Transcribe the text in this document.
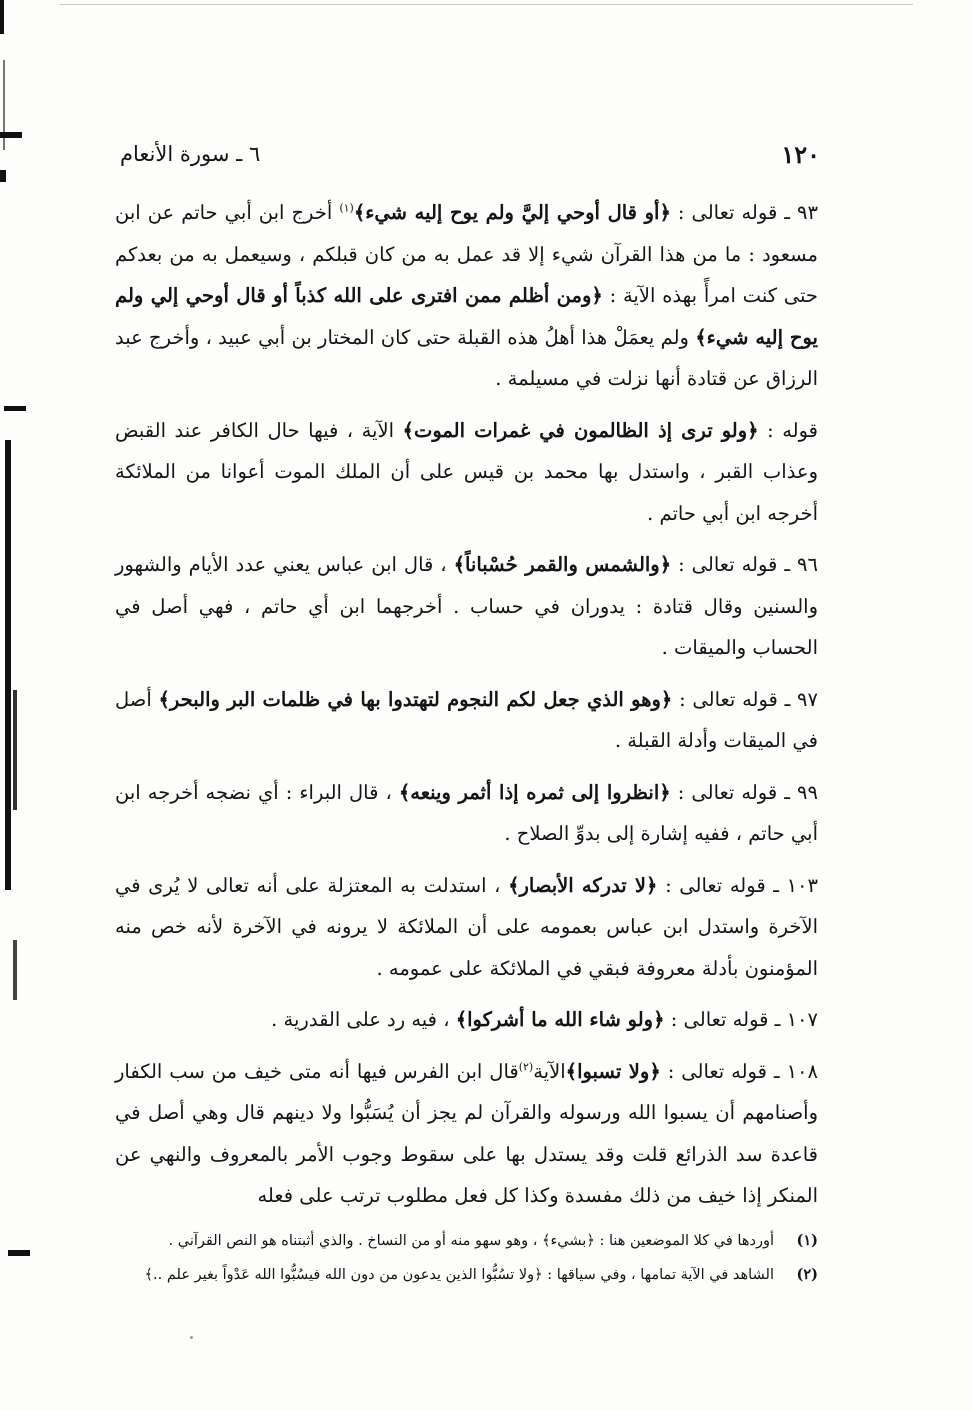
١٢٠
٦ ـ سورة الأنعام

٩٣ ـ قوله تعالى : ﴿أو قال أوحي إليَّ ولم يوح إليه شيء﴾$^{(١)}$ أخرج ابن أبي حاتم عن ابن مسعود : ما من هذا القرآن شيء إلا قد عمل به من كان قبلكم ، وسيعمل به من بعدكم حتى كنت امرأً بهذه الآية : ﴿ومن أظلم ممن افترى على الله كذباً أو قال أوحي إلي ولم يوح إليه شيء﴾ ولم يعمَلْ هذا أهلُ هذه القبلة حتى كان المختار بن أبي عبيد ، وأخرج عبد الرزاق عن قتادة أنها نزلت في مسيلمة .

قوله : ﴿ولو ترى إذ الظالمون في غمرات الموت﴾ الآية ، فيها حال الكافر عند القبض وعذاب القبر ، واستدل بها محمد بن قيس على أن الملك الموت أعوانا من الملائكة أخرجه ابن أبي حاتم .

٩٦ ـ قوله تعالى : ﴿والشمس والقمر حُسْباناً﴾ ، قال ابن عباس يعني عدد الأيام والشهور والسنين وقال قتادة : يدوران في حساب . أخرجهما ابن أي حاتم ، فهي أصل في الحساب والميقات .

٩٧ ـ قوله تعالى : ﴿وهو الذي جعل لكم النجوم لتهتدوا بها في ظلمات البر والبحر﴾ أصل في الميقات وأدلة القبلة .

٩٩ ـ قوله تعالى : ﴿انظروا إلى ثمره إذا أثمر وينعه﴾ ، قال البراء : أي نضجه أخرجه ابن أبي حاتم ، ففيه إشارة إلى بدوِّ الصلاح .

١٠٣ ـ قوله تعالى : ﴿لا تدركه الأبصار﴾ ، استدلت به المعتزلة على أنه تعالى لا يُرى في الآخرة واستدل ابن عباس بعمومه على أن الملائكة لا يرونه في الآخرة لأنه خص منه المؤمنون بأدلة معروفة فبقي في الملائكة على عمومه .

١٠٧ ـ قوله تعالى : ﴿ولو شاء الله ما أشركوا﴾ ، فيه رد على القدرية .

١٠٨ ـ قوله تعالى : ﴿ولا تسبوا﴾الآية$^{(٢)}$قال ابن الفرس فيها أنه متى خيف من سب الكفار وأصنامهم أن يسبوا الله ورسوله والقرآن لم يجز أن يُسَبُّوا ولا دينهم قال وهي أصل في قاعدة سد الذرائع قلت وقد يستدل بها على سقوط وجوب الأمر بالمعروف والنهي عن المنكر إذا خيف من ذلك مفسدة وكذا كل فعل مطلوب ترتب على فعله

(١)أوردها في كلا الموضعين هنا : ﴿بشيء﴾ ، وهو سهو منه أو من النساخ . والذي أثبتناه هو النص القرآني .
(٢)الشاهد في الآية تمامها ، وفي سياقها : ﴿ولا تسُبُّوا الذين يدعون من دون الله فيسُبُّوا الله عَدْواً بغير علم ..﴾
